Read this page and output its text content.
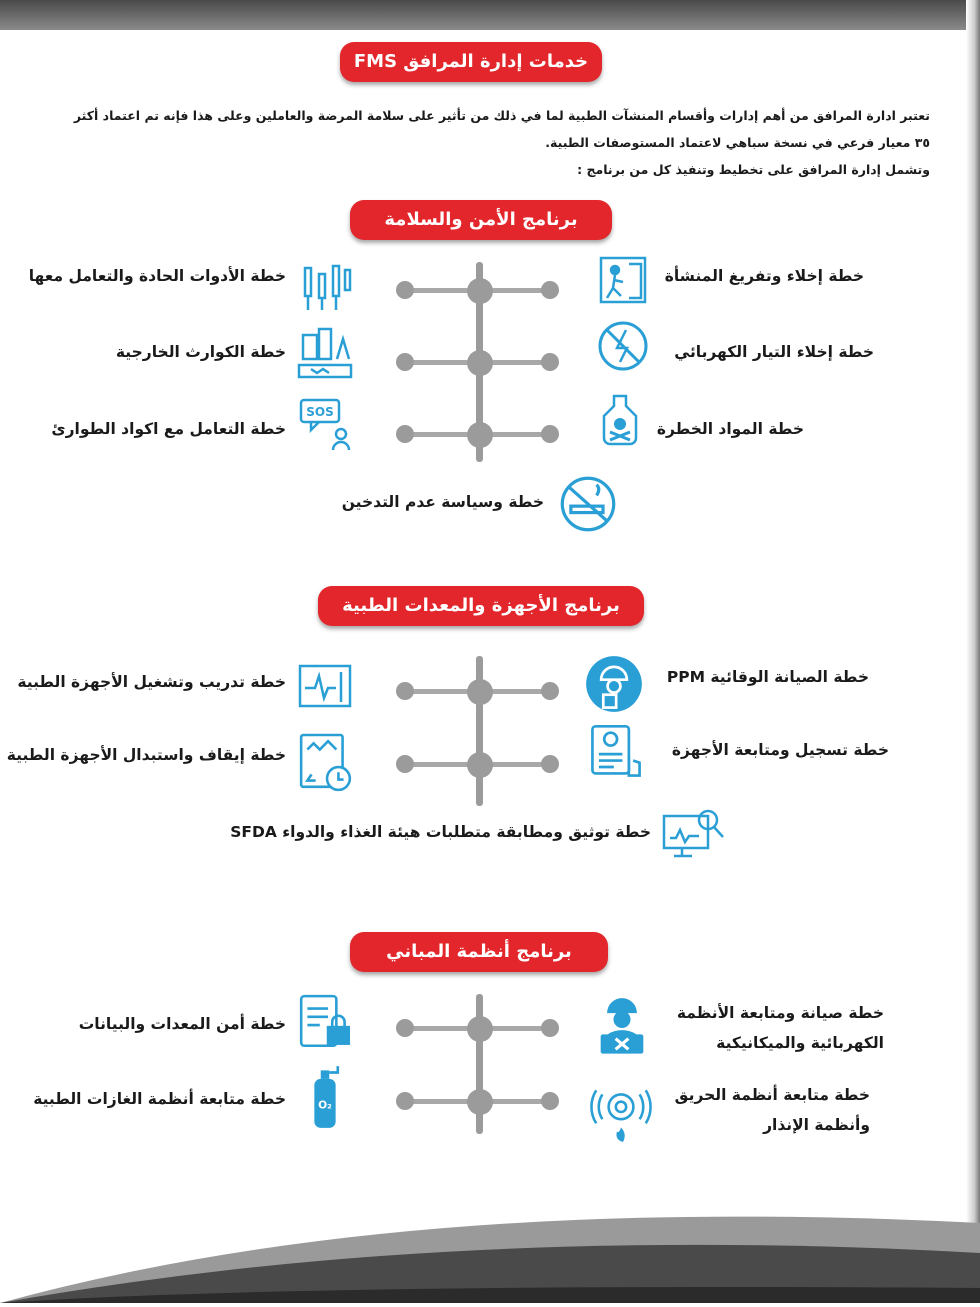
خدمات إدارة المرافق FMS

تعتبر ادارة المرافق من أهم إدارات وأقسام المنشآت الطبية لما في ذلك من تأثير على سلامة المرضة والعاملين وعلى هذا فإنه تم اعتماد أكثر

٣٥ معيار فرعي في نسخة سباهي لاعتماد المستوصفات الطبية.

وتشمل إدارة المرافق على تخطيط وتنفيذ كل من برنامج :

برنامج الأمن والسلامة
خطة إخلاء وتفريغ المنشأة
خطة إخلاء التيار الكهربائي
خطة المواد الخطرة
خطة الأدوات الحادة والتعامل معها
خطة الكوارث الخارجية
خطة التعامل مع اكواد الطوارئ
SOS
خطة وسياسة عدم التدخين
برنامج الأجهزة والمعدات الطبية
خطة الصيانة الوقائية PPM
خطة تسجيل ومتابعة الأجهزة
خطة تدريب وتشغيل الأجهزة الطبية
خطة إيقاف واستبدال الأجهزة الطبية
خطة توثيق ومطابقة متطلبات هيئة الغذاء والدواء SFDA
برنامج أنظمة المباني
خطة صيانة ومتابعة الأنظمة
الكهربائية والميكانيكية
خطة متابعة أنظمة الحريق
وأنظمة الإنذار
خطة أمن المعدات والبيانات
خطة متابعة أنظمة الغازات الطبية	O₂
